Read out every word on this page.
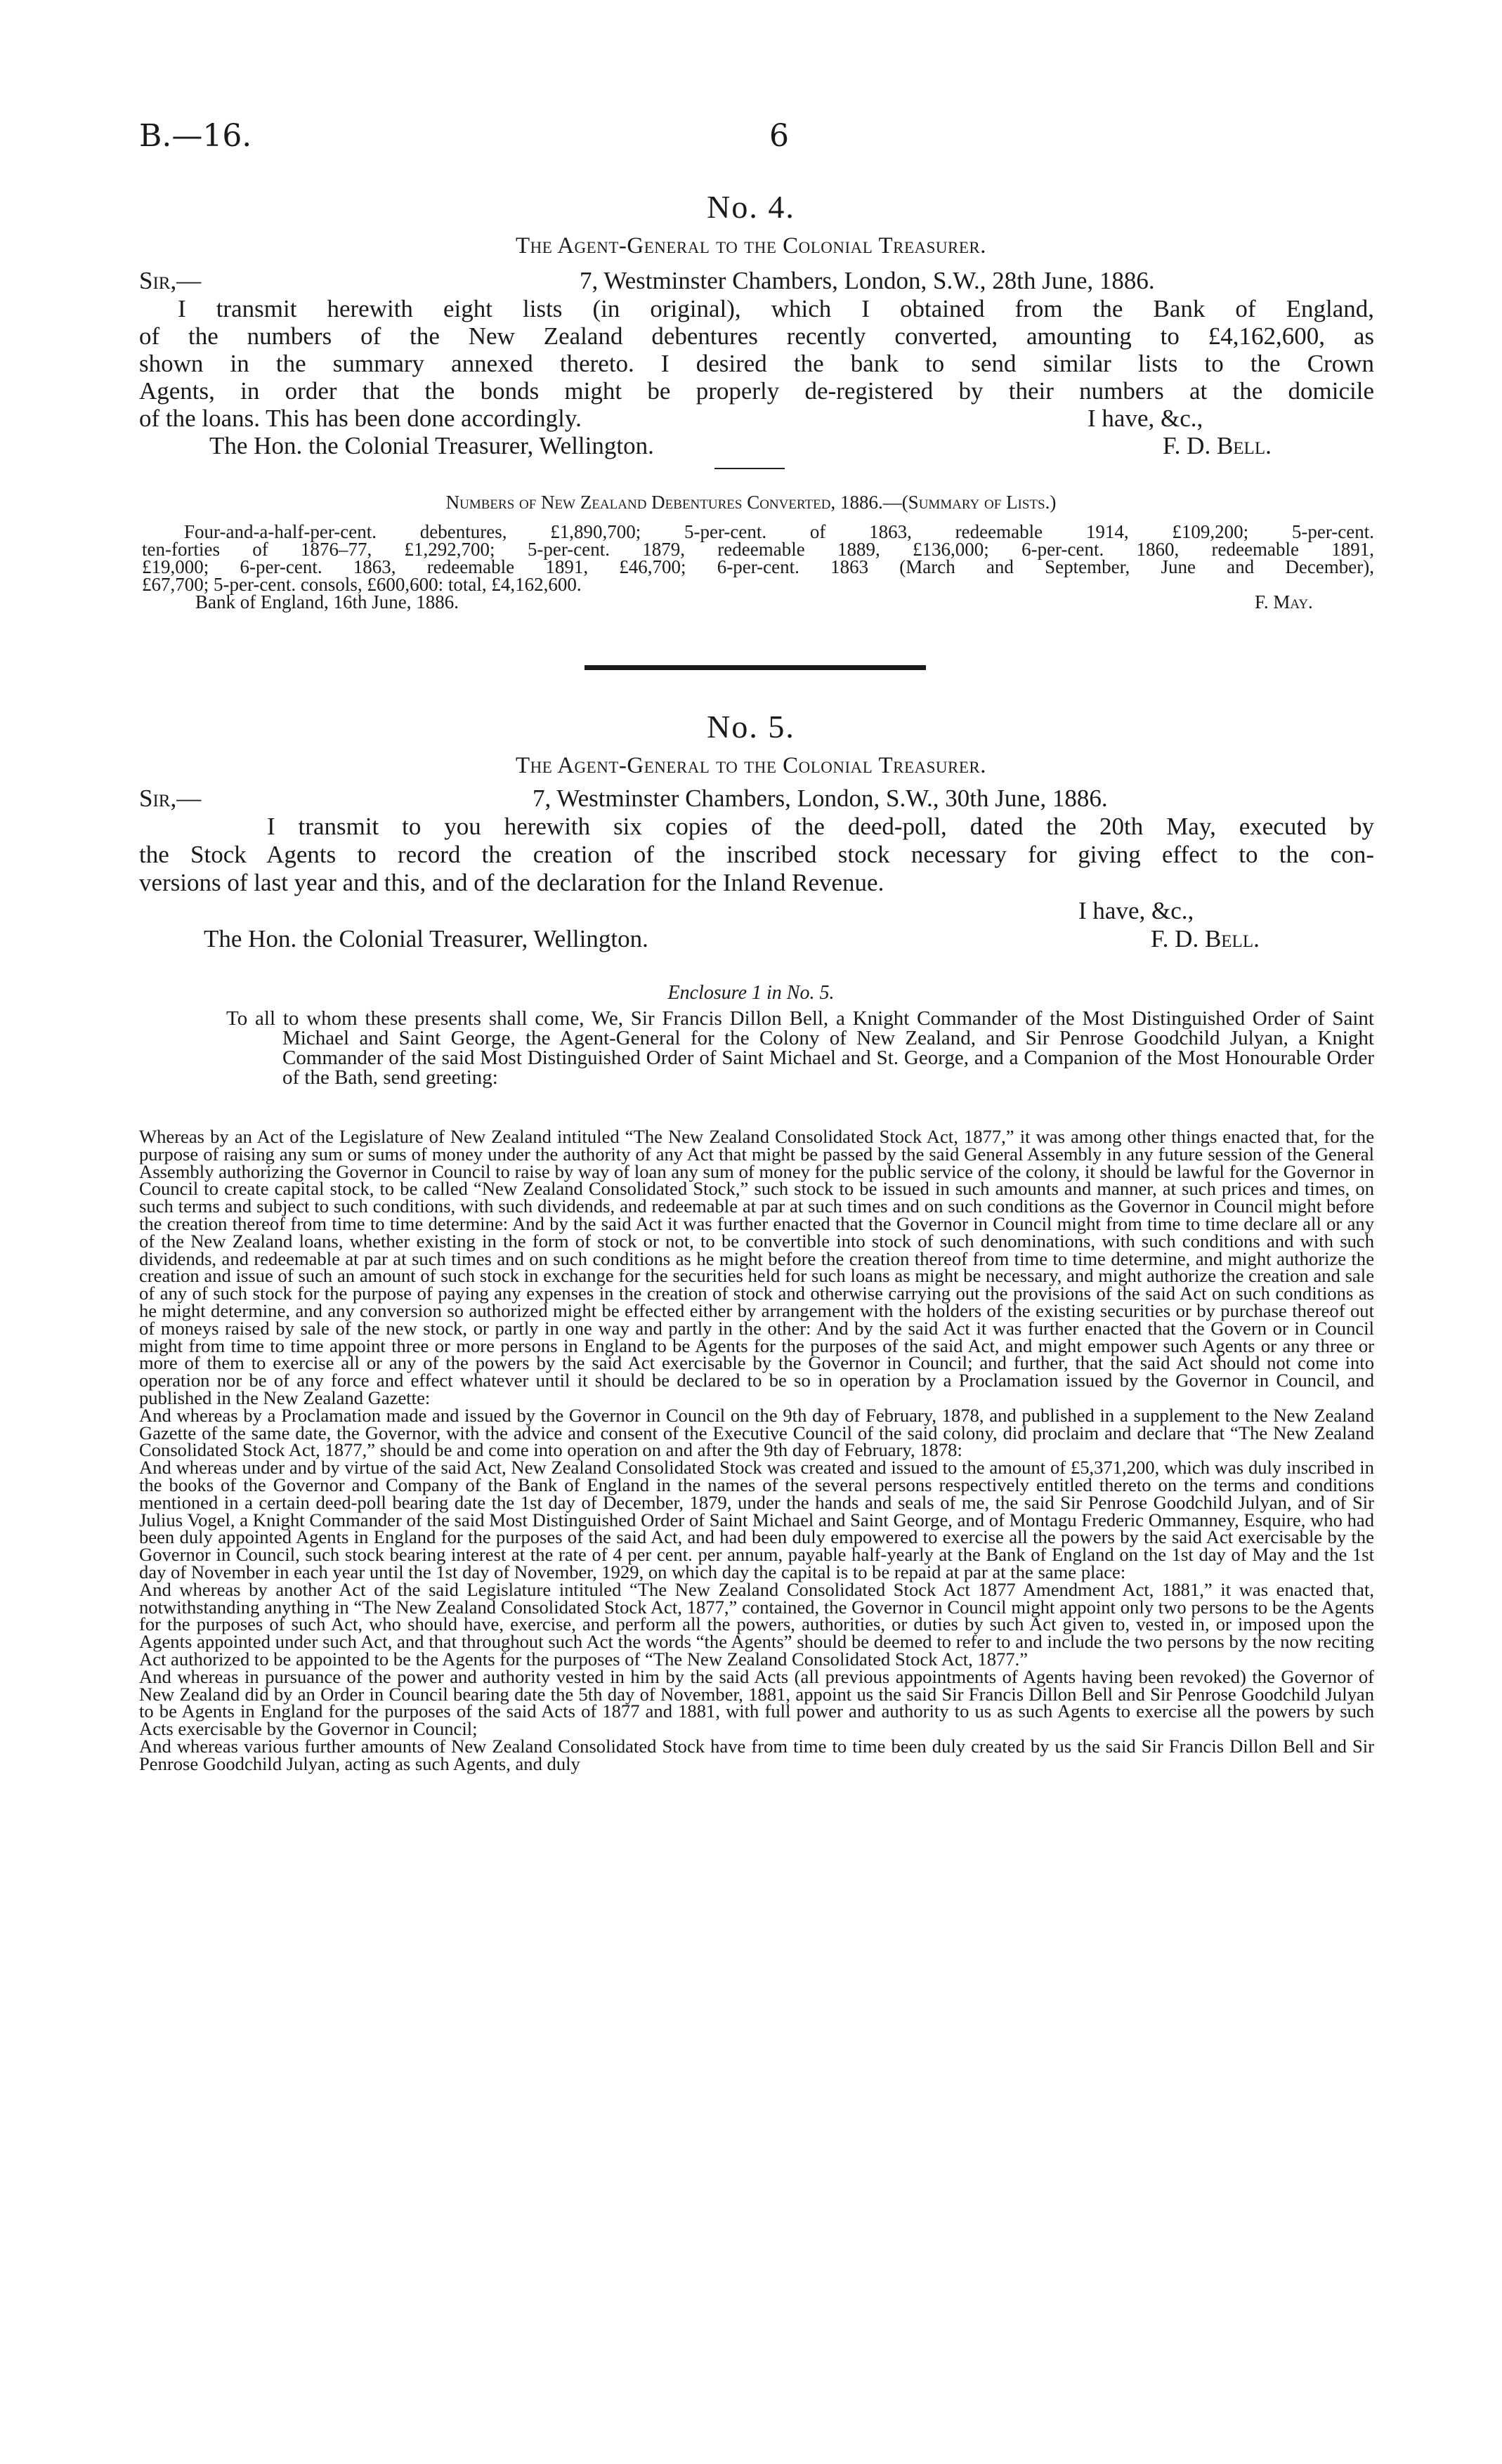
B.—16.	6
No. 4.
The Agent-General to the Colonial Treasurer.
Sir,—	7, Westminster Chambers, London, S.W., 28th June, 1886.
I transmit herewith eight lists (in original), which I obtained from the Bank of England,
of the numbers of the New Zealand debentures recently converted, amounting to £4,162,600, as
shown in the summary annexed thereto. I desired the bank to send similar lists to the Crown
Agents, in order that the bonds might be properly de-registered by their numbers at the domicile
of the loans. This has been done accordingly.	I have, &c.,
The Hon. the Colonial Treasurer, Wellington.	F. D. Bell.
Numbers of New Zealand Debentures Converted, 1886.—(Summary of Lists.)
Four-and-a-half-per-cent. debentures, £1,890,700; 5-per-cent. of 1863, redeemable 1914, £109,200; 5-per-cent.
ten-forties of 1876–77, £1,292,700; 5-per-cent. 1879, redeemable 1889, £136,000; 6-per-cent. 1860, redeemable 1891,
£19,000; 6-per-cent. 1863, redeemable 1891, £46,700; 6-per-cent. 1863 (March and September, June and December),
£67,700; 5-per-cent. consols, £600,600: total, £4,162,600.
Bank of England, 16th June, 1886.	F. May.
No. 5.
The Agent-General to the Colonial Treasurer.
Sir,—	7, Westminster Chambers, London, S.W., 30th June, 1886.
I transmit to you herewith six copies of the deed-poll, dated the 20th May, executed by
the Stock Agents to record the creation of the inscribed stock necessary for giving effect to the con-
versions of last year and this, and of the declaration for the Inland Revenue.
I have, &c.,
The Hon. the Colonial Treasurer, Wellington.	F. D. Bell.
Enclosure 1 in No. 5.
To all to whom these presents shall come, We, Sir Francis Dillon Bell, a Knight Commander of the Most Distinguished Order of Saint Michael and Saint George, the Agent-General for the Colony of New Zealand, and Sir Penrose Goodchild Julyan, a Knight Commander of the said Most Distinguished Order of Saint Michael and St. George, and a Companion of the Most Honourable Order of the Bath, send greeting:

Whereas by an Act of the Legislature of New Zealand intituled “The New Zealand Consolidated Stock Act, 1877,” it was among other things enacted that, for the purpose of raising any sum or sums of money under the authority of any Act that might be passed by the said General Assembly in any future session of the General Assembly authorizing the Governor in Council to raise by way of loan any sum of money for the public service of the colony, it should be lawful for the Governor in Council to create capital stock, to be called “New Zealand Consolidated Stock,” such stock to be issued in such amounts and manner, at such prices and times, on such terms and subject to such conditions, with such dividends, and redeemable at par at such times and on such conditions as the Governor in Council might before the creation thereof from time to time determine: And by the said Act it was further enacted that the Governor in Council might from time to time declare all or any of the New Zealand loans, whether existing in the form of stock or not, to be convertible into stock of such denominations, with such conditions and with such dividends, and redeemable at par at such times and on such conditions as he might before the creation thereof from time to time determine, and might authorize the creation and issue of such an amount of such stock in exchange for the securities held for such loans as might be necessary, and might authorize the creation and sale of any of such stock for the purpose of paying any expenses in the creation of stock and otherwise carrying out the provisions of the said Act on such conditions as he might determine, and any conversion so authorized might be effected either by arrangement with the holders of the existing securities or by purchase thereof out of moneys raised by sale of the new stock, or partly in one way and partly in the other: And by the said Act it was further enacted that the Govern or in Council might from time to time appoint three or more persons in England to be Agents for the purposes of the said Act, and might empower such Agents or any three or more of them to exercise all or any of the powers by the said Act exercisable by the Governor in Council; and further, that the said Act should not come into operation nor be of any force and effect whatever until it should be declared to be so in operation by a Proclamation issued by the Governor in Council, and published in the New Zealand Gazette:

And whereas by a Proclamation made and issued by the Governor in Council on the 9th day of February, 1878, and published in a supplement to the New Zealand Gazette of the same date, the Governor, with the advice and consent of the Executive Council of the said colony, did proclaim and declare that “The New Zealand Consolidated Stock Act, 1877,” should be and come into operation on and after the 9th day of February, 1878:

And whereas under and by virtue of the said Act, New Zealand Consolidated Stock was created and issued to the amount of £5,371,200, which was duly inscribed in the books of the Governor and Company of the Bank of England in the names of the several persons respectively entitled thereto on the terms and conditions mentioned in a certain deed-poll bearing date the 1st day of December, 1879, under the hands and seals of me, the said Sir Penrose Goodchild Julyan, and of Sir Julius Vogel, a Knight Commander of the said Most Distinguished Order of Saint Michael and Saint George, and of Montagu Frederic Ommanney, Esquire, who had been duly appointed Agents in England for the purposes of the said Act, and had been duly empowered to exercise all the powers by the said Act exercisable by the Governor in Council, such stock bearing interest at the rate of 4 per cent. per annum, payable half-yearly at the Bank of England on the 1st day of May and the 1st day of November in each year until the 1st day of November, 1929, on which day the capital is to be repaid at par at the same place:

And whereas by another Act of the said Legislature intituled “The New Zealand Consolidated Stock Act 1877 Amendment Act, 1881,” it was enacted that, notwithstanding anything in “The New Zealand Consolidated Stock Act, 1877,” contained, the Governor in Council might appoint only two persons to be the Agents for the purposes of such Act, who should have, exercise, and perform all the powers, authorities, or duties by such Act given to, vested in, or imposed upon the Agents appointed under such Act, and that throughout such Act the words “the Agents” should be deemed to refer to and include the two persons by the now reciting Act authorized to be appointed to be the Agents for the purposes of “The New Zealand Consolidated Stock Act, 1877.”

And whereas in pursuance of the power and authority vested in him by the said Acts (all previous appointments of Agents having been revoked) the Governor of New Zealand did by an Order in Council bearing date the 5th day of November, 1881, appoint us the said Sir Francis Dillon Bell and Sir Penrose Goodchild Julyan to be Agents in England for the purposes of the said Acts of 1877 and 1881, with full power and authority to us as such Agents to exercise all the powers by such Acts exercisable by the Governor in Council;

And whereas various further amounts of New Zealand Consolidated Stock have from time to time been duly created by us the said Sir Francis Dillon Bell and Sir Penrose Goodchild Julyan, acting as such Agents, and duly
